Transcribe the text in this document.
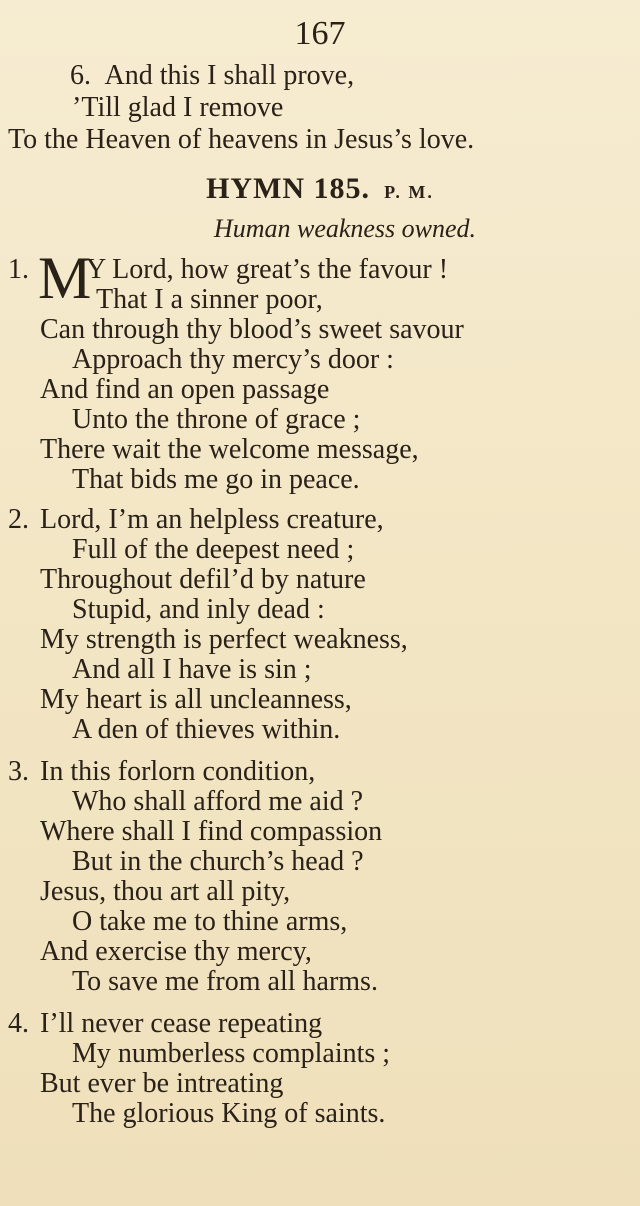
167
6. And this I shall prove,
’Till glad I remove
To the Heaven of heavens in Jesus’s love.
HYMN 185. P. M.
Human weakness owned.
1. M
Y Lord, how great’s the favour !
That I a sinner poor,
Can through thy blood’s sweet savour
Approach thy mercy’s door :
And find an open passage
Unto the throne of grace ;
There wait the welcome message,
That bids me go in peace.
2. Lord, I’m an helpless creature,
Full of the deepest need ;
Throughout defil’d by nature
Stupid, and inly dead :
My strength is perfect weakness,
And all I have is sin ;
My heart is all uncleanness,
A den of thieves within.
3. In this forlorn condition,
Who shall afford me aid ?
Where shall I find compassion
But in the church’s head ?
Jesus, thou art all pity,
O take me to thine arms,
And exercise thy mercy,
To save me from all harms.
4. I’ll never cease repeating
My numberless complaints ;
But ever be intreating
The glorious King of saints.
